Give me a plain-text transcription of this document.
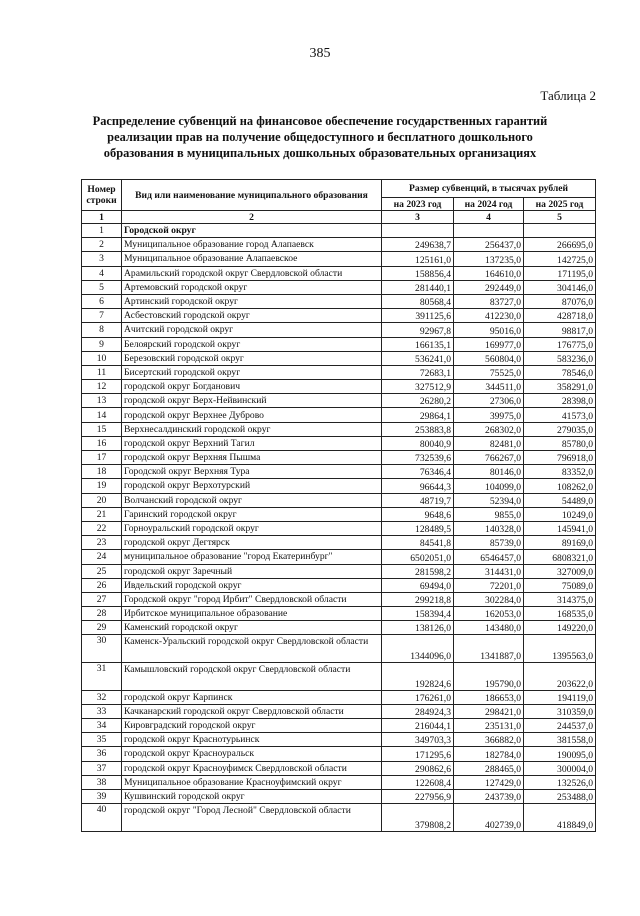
385
Таблица 2
Распределение субвенций на финансовое обеспечение государственных гарантий реализации прав на получение общедоступного и бесплатного дошкольного образования в муниципальных дошкольных образовательных организациях
Номер строки	Вид или наименование муниципального образования	Размер субвенций, в тысячах рублей		
		на 2023 год	на 2024 год	на 2025 год
1	2	3	4	5
1	Городской округ			
2	Муниципальное образование город Алапаевск	249638,7	256437,0	266695,0
3	Муниципальное образование Алапаевское	125161,0	137235,0	142725,0
4	Арамильский городской округ Свердловской области	158856,4	164610,0	171195,0
5	Артемовский городской округ	281440,1	292449,0	304146,0
6	Артинский городской округ	80568,4	83727,0	87076,0
7	Асбестовский городской округ	391125,6	412230,0	428718,0
8	Ачитский городской округ	92967,8	95016,0	98817,0
9	Белоярский городской округ	166135,1	169977,0	176775,0
10	Березовский городской округ	536241,0	560804,0	583236,0
11	Бисертский городской округ	72683,1	75525,0	78546,0
12	городской округ Богданович	327512,9	344511,0	358291,0
13	городской округ Верх-Нейвинский	26280,2	27306,0	28398,0
14	городской округ Верхнее Дуброво	29864,1	39975,0	41573,0
15	Верхнесалдинский городской округ	253883,8	268302,0	279035,0
16	городской округ Верхний Тагил	80040,9	82481,0	85780,0
17	городской округ Верхняя Пышма	732539,6	766267,0	796918,0
18	Городской округ Верхняя Тура	76346,4	80146,0	83352,0
19	городской округ Верхотурский	96644,3	104099,0	108262,0
20	Волчанский городской округ	48719,7	52394,0	54489,0
21	Гаринский городской округ	9648,6	9855,0	10249,0
22	Горноуральский городской округ	128489,5	140328,0	145941,0
23	городской округ Дегтярск	84541,8	85739,0	89169,0
24	муниципальное образование "город Екатеринбург"	6502051,0	6546457,0	6808321,0
25	городской округ Заречный	281598,2	314431,0	327009,0
26	Ивдельский городской округ	69494,0	72201,0	75089,0
27	Городской округ "город Ирбит" Свердловской области	299218,8	302284,0	314375,0
28	Ирбитское муниципальное образование	158394,4	162053,0	168535,0
29	Каменский городской округ	138126,0	143480,0	149220,0
30	Каменск-Уральский городской округ Свердловской области	1344096,0	1341887,0	1395563,0
31	Камышловский городской округ Свердловской области	192824,6	195790,0	203622,0
32	городской округ Карпинск	176261,0	186653,0	194119,0
33	Качканарский городской округ Свердловской области	284924,3	298421,0	310359,0
34	Кировградский городской округ	216044,1	235131,0	244537,0
35	городской округ Краснотурьинск	349703,3	366882,0	381558,0
36	городской округ Красноуральск	171295,6	182784,0	190095,0
37	городской округ Красноуфимск Свердловской области	290862,6	288465,0	300004,0
38	Муниципальное образование Красноуфимский округ	122608,4	127429,0	132526,0
39	Кушвинский городской округ	227956,9	243739,0	253488,0
40	городской округ "Город Лесной" Свердловской области	379808,2	402739,0	418849,0
